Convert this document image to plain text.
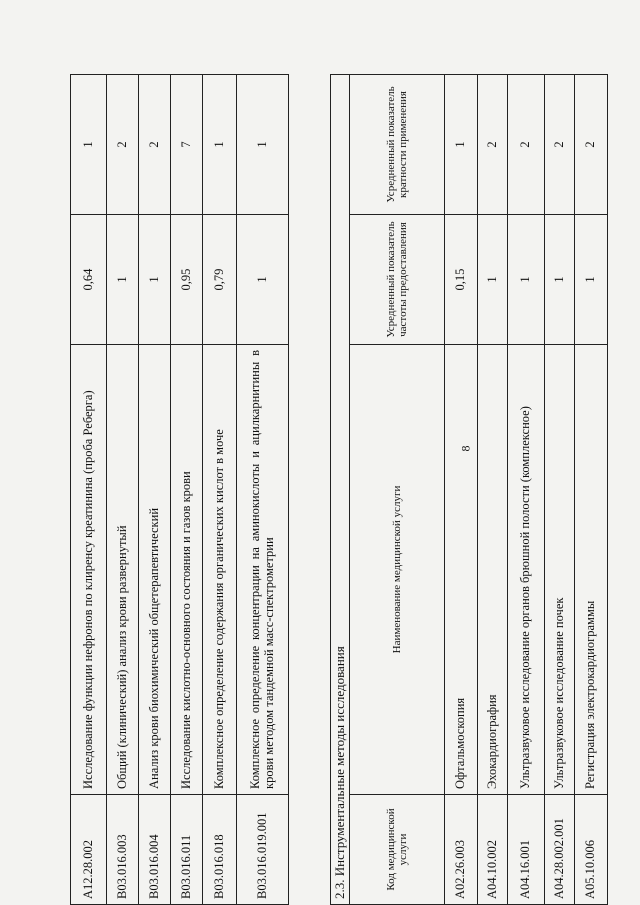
8
A12.28.002	Исследование функции нефронов по клиренсу креатинина (проба Реберга)	0,64	1
B03.016.003	Общий (клинический) анализ крови развернутый	1	2
B03.016.004	Анализ крови биохимический общетерапевтический	1	2
B03.016.011	Исследование кислотно-основного состояния и газов крови	0,95	7
B03.016.018	Комплексное определение содержания органических кислот в моче	0,79	1
B03.016.019.001	Комплексное определение концентрации на аминокислоты и ацилкарнитины в крови методом тандемной масс-спектрометрии	1	1
2.3. Инструментальные методы исследования			
Код медицинской услуги	Наименование медицинской услуги	Усредненный показатель частоты предоставления	Усредненный показатель кратности применения
A02.26.003	Офтальмоскопия	0,15	1
A04.10.002	Эхокардиография	1	2
A04.16.001	Ультразвуковое исследование органов брюшной полости (комплексное)	1	2
A04.28.002.001	Ультразвуковое исследование почек	1	2
A05.10.006	Регистрация электрокардиограммы	1	2
